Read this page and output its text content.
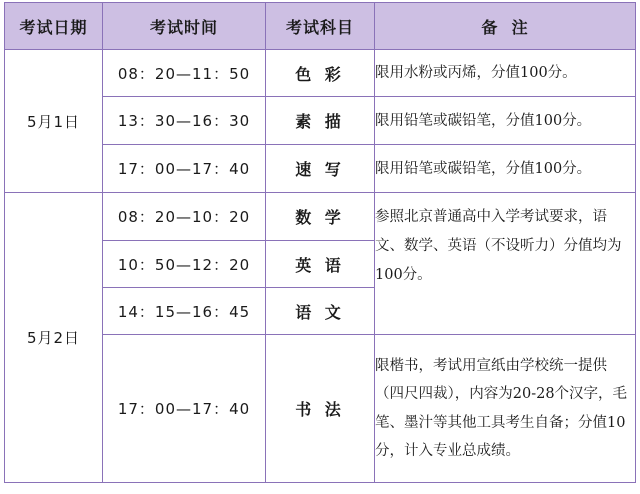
考试日期	考试时间	考试科目	备  注
5月1日	08：20—11：50	色 彩	限用水粉或丙烯，分值100分。
	13：30—16：30	素 描	限用铅笔或碳铅笔，分值100分。
	17：00—17：40	速 写	限用铅笔或碳铅笔，分值100分。
5月2日	08：20—10：20	数 学	参照北京普通高中入学考试要求，语文、数学、英语（不设听力）分值均为100分。
	10：50—12：20	英 语	
	14：15—16：45	语 文	
	17：00—17：40	书 法	限楷书，考试用宣纸由学校统一提供（四尺四裁），内容为20-28个汉字，毛笔、墨汁等其他工具考生自备；分值10分，计入专业总成绩。
